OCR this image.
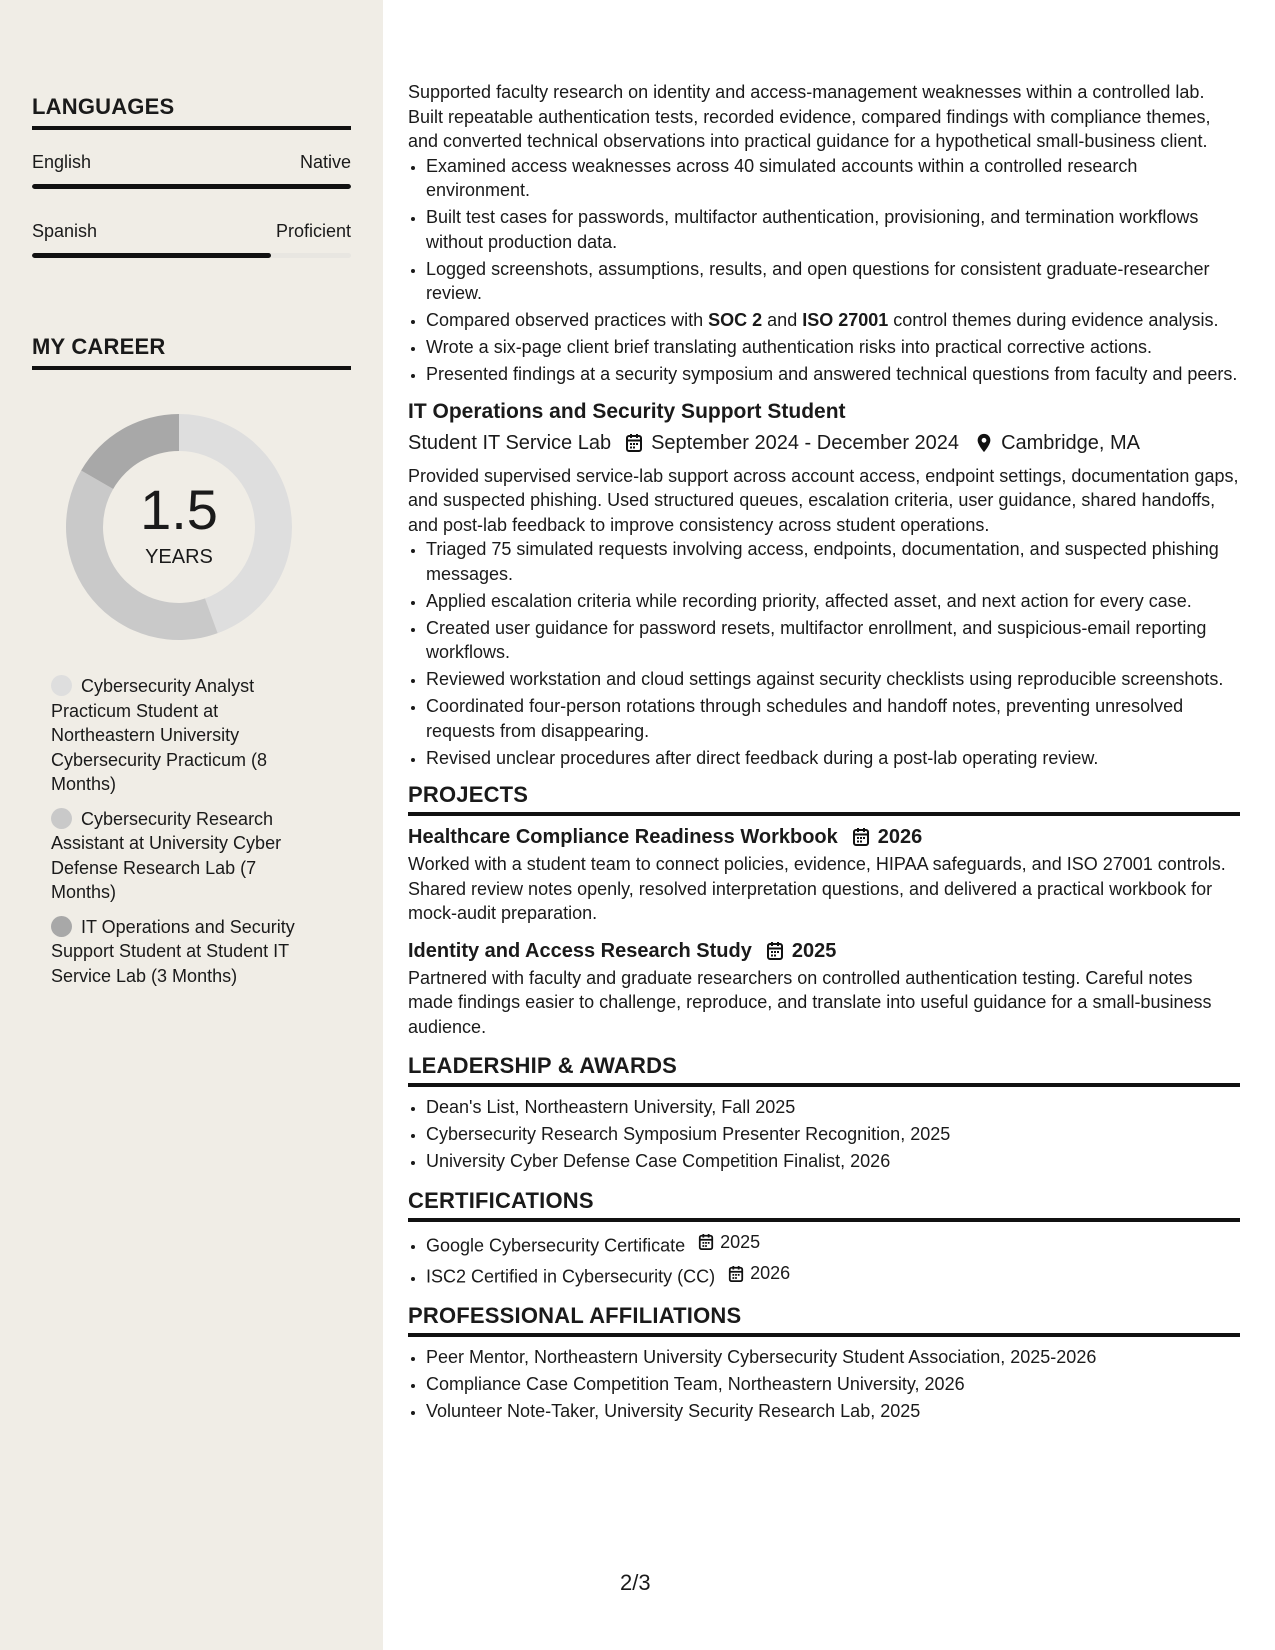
LANGUAGES
English	Native
Spanish	Proficient
MY CAREER
1.5
YEARS
Cybersecurity Analyst Practicum Student at Northeastern University Cybersecurity Practicum (8 Months)
Cybersecurity Research Assistant at University Cyber Defense Research Lab (7 Months)
IT Operations and Security Support Student at Student IT Service Lab (3 Months)

Supported faculty research on identity and access-management weaknesses within a controlled lab. Built repeatable authentication tests, recorded evidence, compared findings with compliance themes, and converted technical observations into practical guidance for a hypothetical small-business client.

• Examined access weaknesses across 40 simulated accounts within a controlled research environment.
• Built test cases for passwords, multifactor authentication, provisioning, and termination workflows without production data.
• Logged screenshots, assumptions, results, and open questions for consistent graduate-researcher review.
• Compared observed practices with SOC 2 and ISO 27001 control themes during evidence analysis.
• Wrote a six-page client brief translating authentication risks into practical corrective actions.
• Presented findings at a security symposium and answered technical questions from faculty and peers.
IT Operations and Security Support Student
Student IT Service Lab September 2024 - December 2024 Cambridge, MA

Provided supervised service-lab support across account access, endpoint settings, documentation gaps, and suspected phishing. Used structured queues, escalation criteria, user guidance, shared handoffs, and post-lab feedback to improve consistency across student operations.

• Triaged 75 simulated requests involving access, endpoints, documentation, and suspected phishing messages.
• Applied escalation criteria while recording priority, affected asset, and next action for every case.
• Created user guidance for password resets, multifactor enrollment, and suspicious-email reporting workflows.
• Reviewed workstation and cloud settings against security checklists using reproducible screenshots.
• Coordinated four-person rotations through schedules and handoff notes, preventing unresolved requests from disappearing.
• Revised unclear procedures after direct feedback during a post-lab operating review.
PROJECTS
Healthcare Compliance Readiness Workbook 2026

Worked with a student team to connect policies, evidence, HIPAA safeguards, and ISO 27001 controls. Shared review notes openly, resolved interpretation questions, and delivered a practical workbook for mock-audit preparation.

Identity and Access Research Study 2025

Partnered with faculty and graduate researchers on controlled authentication testing. Careful notes made findings easier to challenge, reproduce, and translate into useful guidance for a small-business audience.

LEADERSHIP & AWARDS
• Dean's List, Northeastern University, Fall 2025
• Cybersecurity Research Symposium Presenter Recognition, 2025
• University Cyber Defense Case Competition Finalist, 2026
CERTIFICATIONS
• Google Cybersecurity Certificate 2025
• ISC2 Certified in Cybersecurity (CC) 2026
PROFESSIONAL AFFILIATIONS
• Peer Mentor, Northeastern University Cybersecurity Student Association, 2025-2026
• Compliance Case Competition Team, Northeastern University, 2026
• Volunteer Note-Taker, University Security Research Lab, 2025
2/3
